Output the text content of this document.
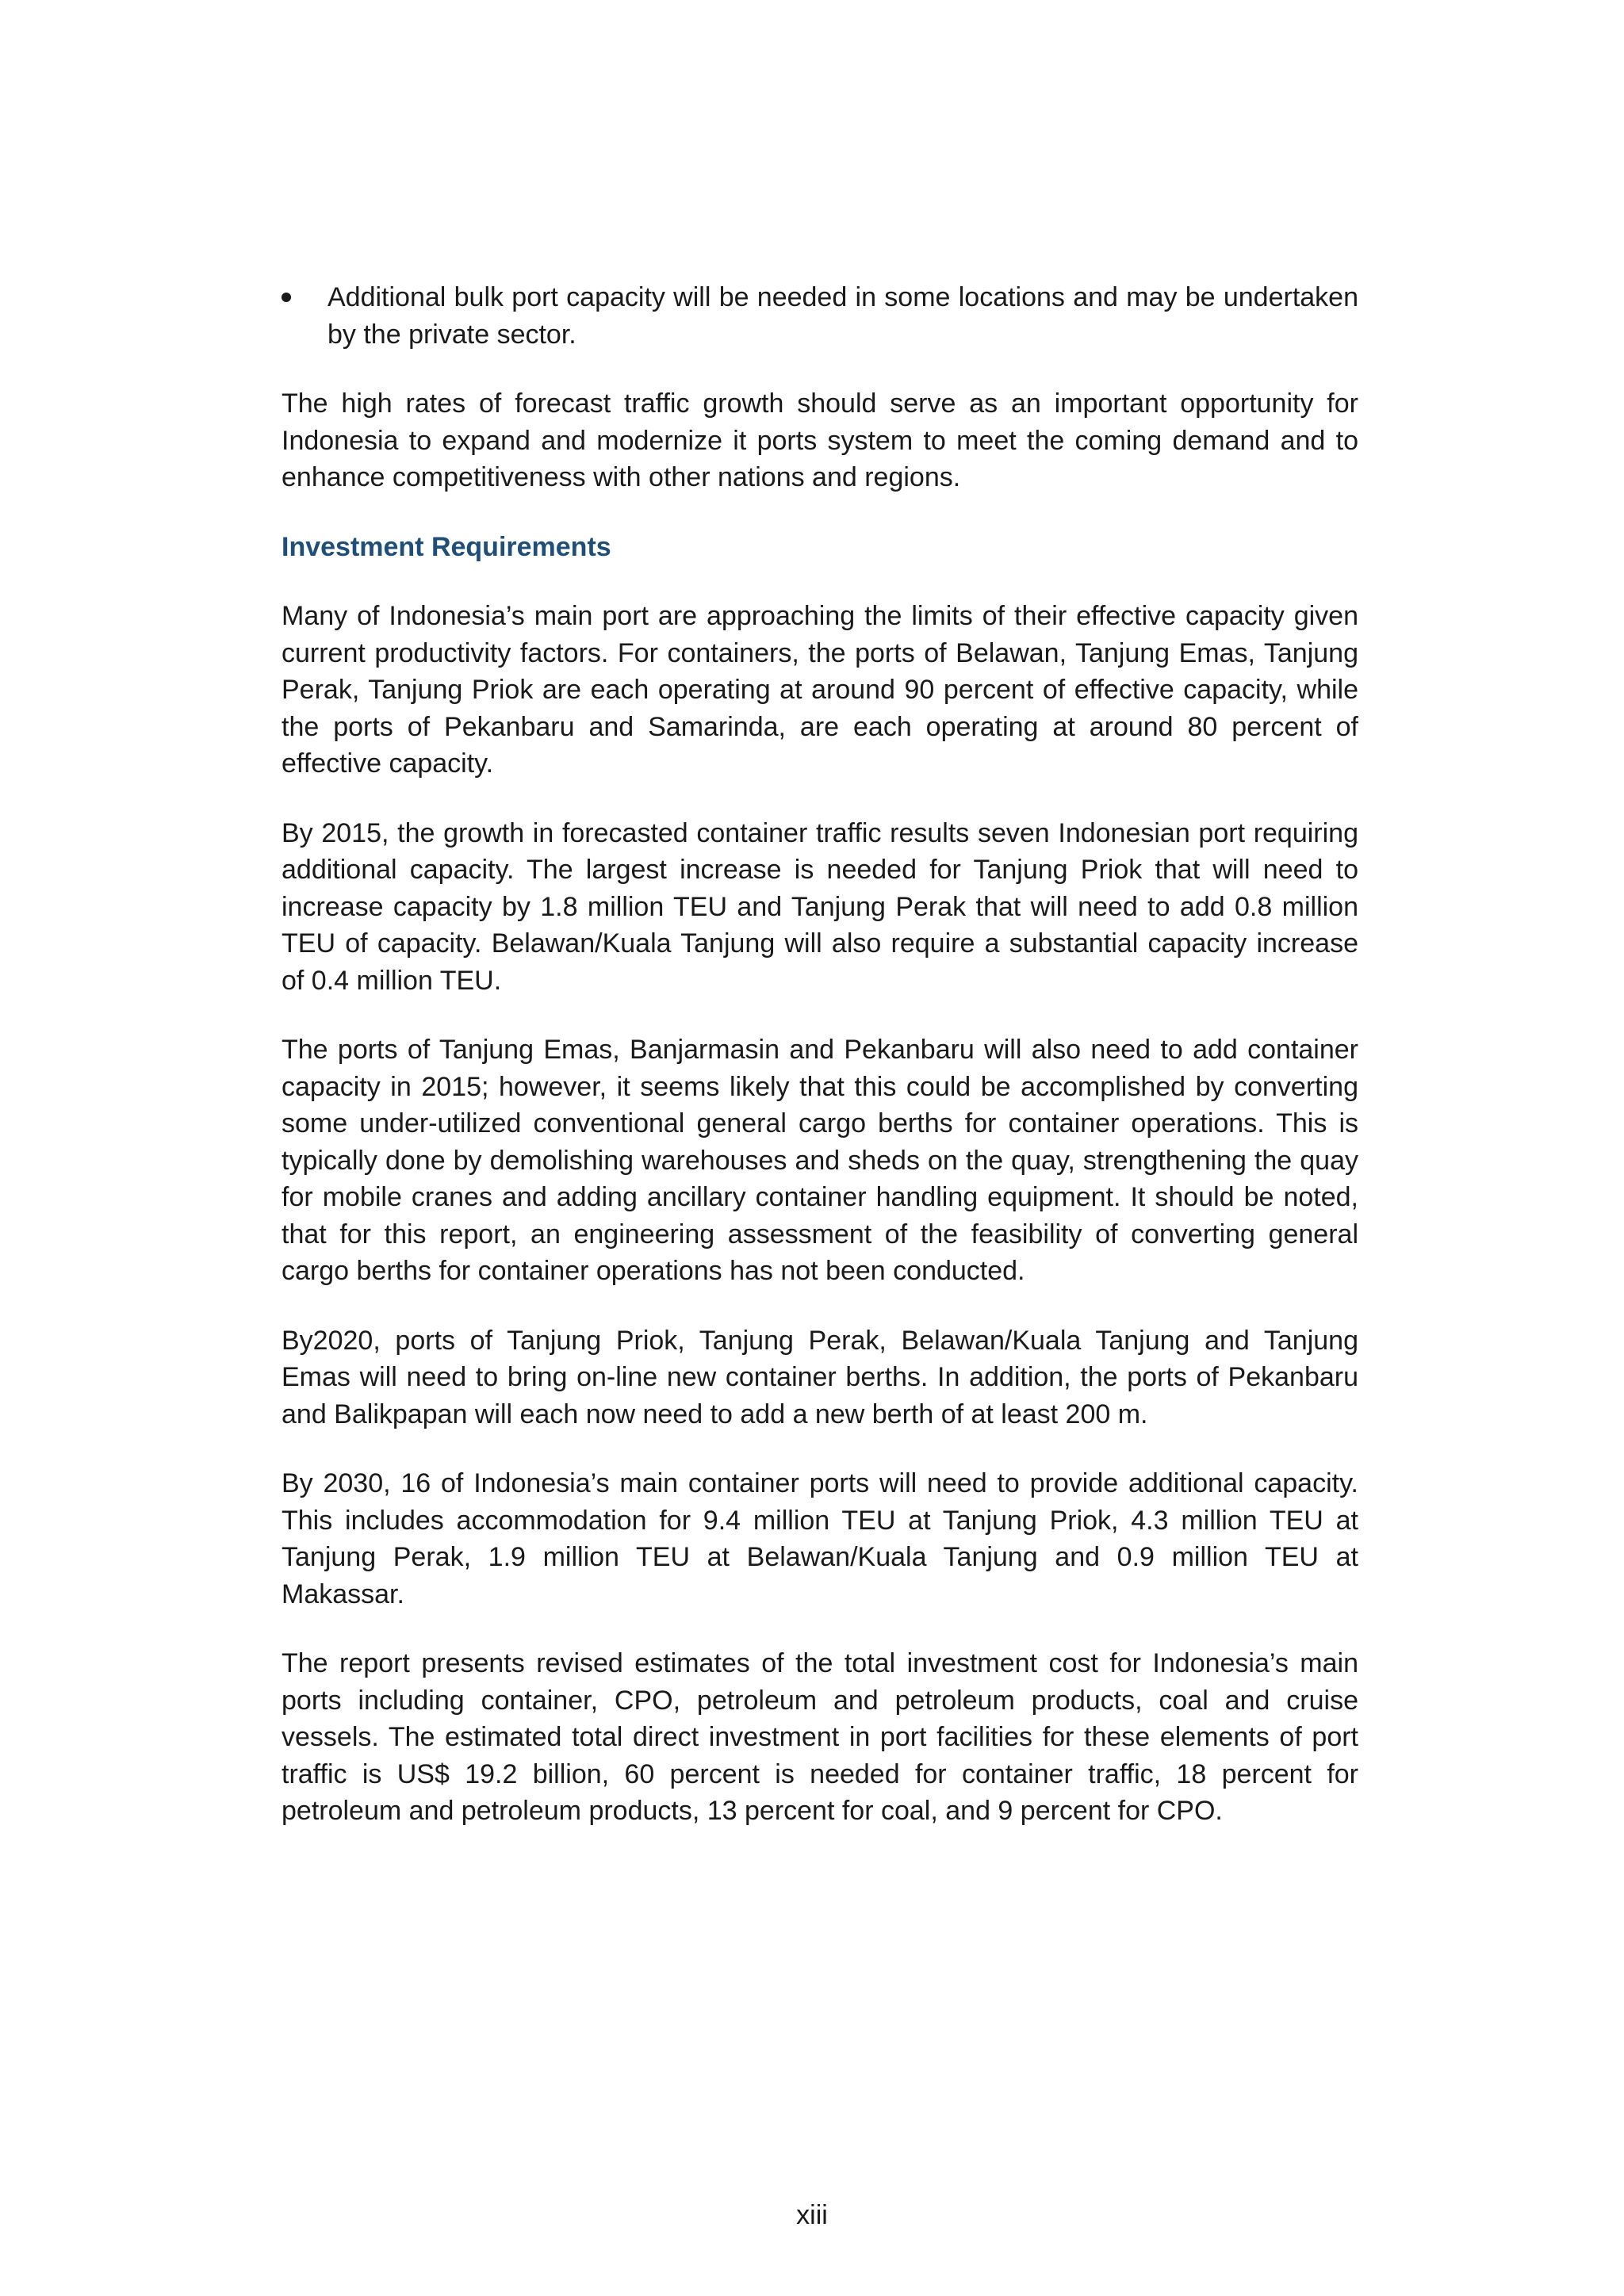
Additional bulk port capacity will be needed in some locations and may be undertaken by the private sector.

The high rates of forecast traffic growth should serve as an important opportunity for Indonesia to expand and modernize it ports system to meet the coming demand and to enhance competitiveness with other nations and regions.

Investment Requirements

Many of Indonesia’s main port are approaching the limits of their effective capacity given current productivity factors. For containers, the ports of Belawan, Tanjung Emas, Tanjung Perak, Tanjung Priok are each operating at around 90 percent of effective capacity, while the ports of Pekanbaru and Samarinda, are each operating at around 80 percent of effective capacity.

By 2015, the growth in forecasted container traffic results seven Indonesian port requiring additional capacity. The largest increase is needed for Tanjung Priok that will need to increase capacity by 1.8 million TEU and Tanjung Perak that will need to add 0.8 million TEU of capacity. Belawan/Kuala Tanjung will also require a substantial capacity increase of 0.4 million TEU.

The ports of Tanjung Emas, Banjarmasin and Pekanbaru will also need to add container capacity in 2015; however, it seems likely that this could be accomplished by converting some under-utilized conventional general cargo berths for container operations. This is typically done by demolishing warehouses and sheds on the quay, strengthening the quay for mobile cranes and adding ancillary container handling equipment. It should be noted, that for this report, an engineering assessment of the feasibility of converting general cargo berths for container operations has not been conducted.

By2020, ports of Tanjung Priok, Tanjung Perak, Belawan/Kuala Tanjung and Tanjung Emas will need to bring on-line new container berths. In addition, the ports of Pekanbaru and Balikpapan will each now need to add a new berth of at least 200 m.

By 2030, 16 of Indonesia’s main container ports will need to provide additional capacity. This includes accommodation for 9.4 million TEU at Tanjung Priok, 4.3 million TEU at Tanjung Perak, 1.9 million TEU at Belawan/Kuala Tanjung and 0.9 million TEU at Makassar.

The report presents revised estimates of the total investment cost for Indonesia’s main ports including container, CPO, petroleum and petroleum products, coal and cruise vessels. The estimated total direct investment in port facilities for these elements of port traffic is US$ 19.2 billion, 60 percent is needed for container traffic, 18 percent for petroleum and petroleum products, 13 percent for coal, and 9 percent for CPO.

xiii
